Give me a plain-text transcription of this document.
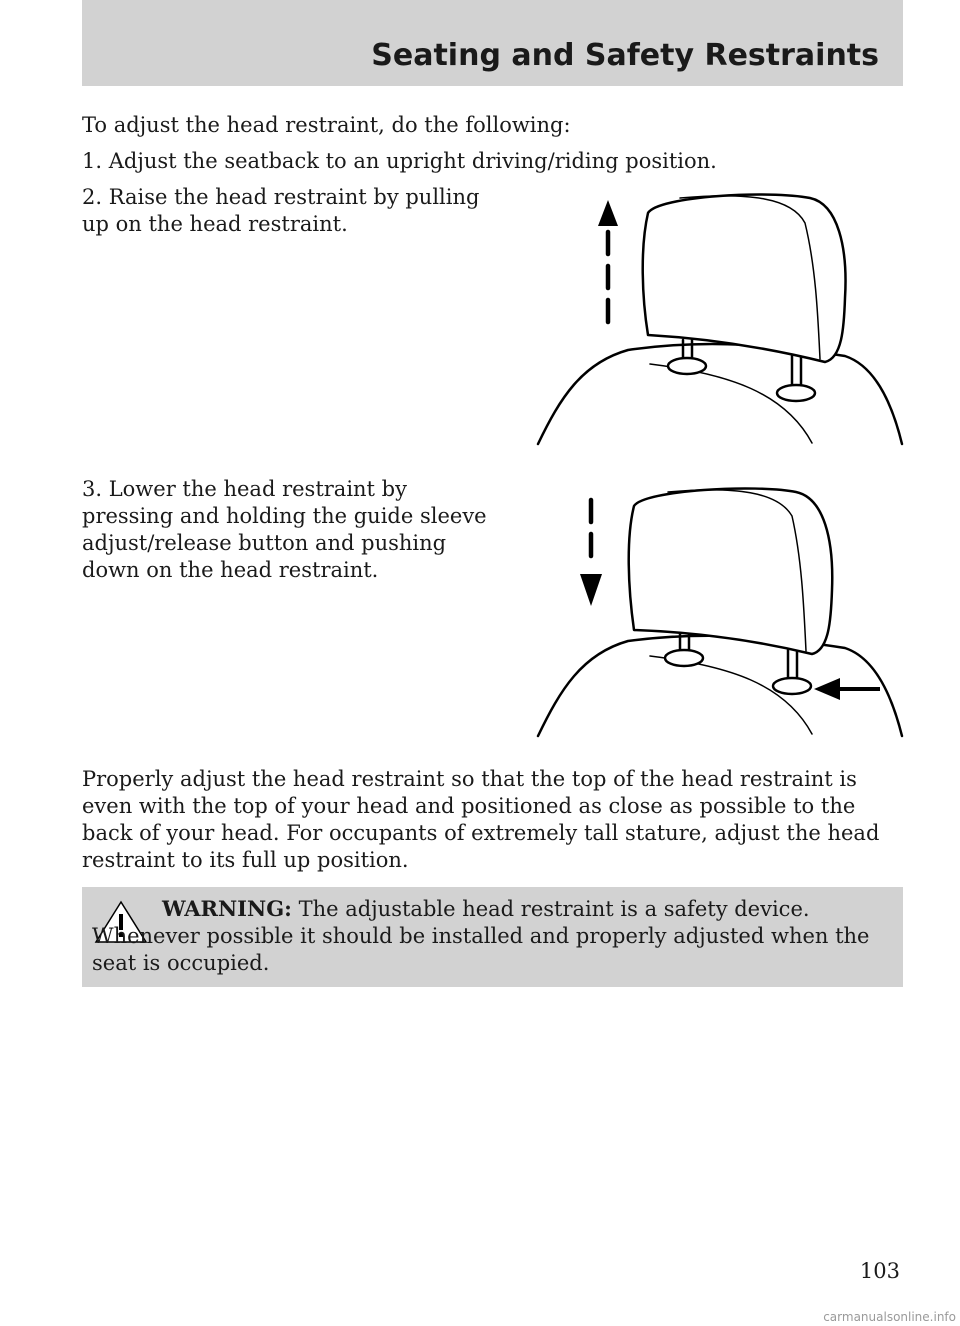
Seating and Safety Restraints

To adjust the head restraint, do the following:

1. Adjust the seatback to an upright driving/riding position.

2. Raise the head restraint by pulling up on the head restraint.

3. Lower the head restraint by pressing and holding the guide sleeve adjust/release button and pushing down on the head restraint.

Properly adjust the head restraint so that the top of the head restraint is even with the top of your head and positioned as close as possible to the back of your head. For occupants of extremely tall stature, adjust the head restraint to its full up position.

WARNING: The adjustable head restraint is a safety device. Whenever possible it should be installed and properly adjusted when the seat is occupied.

103
carmanualsonline.info
